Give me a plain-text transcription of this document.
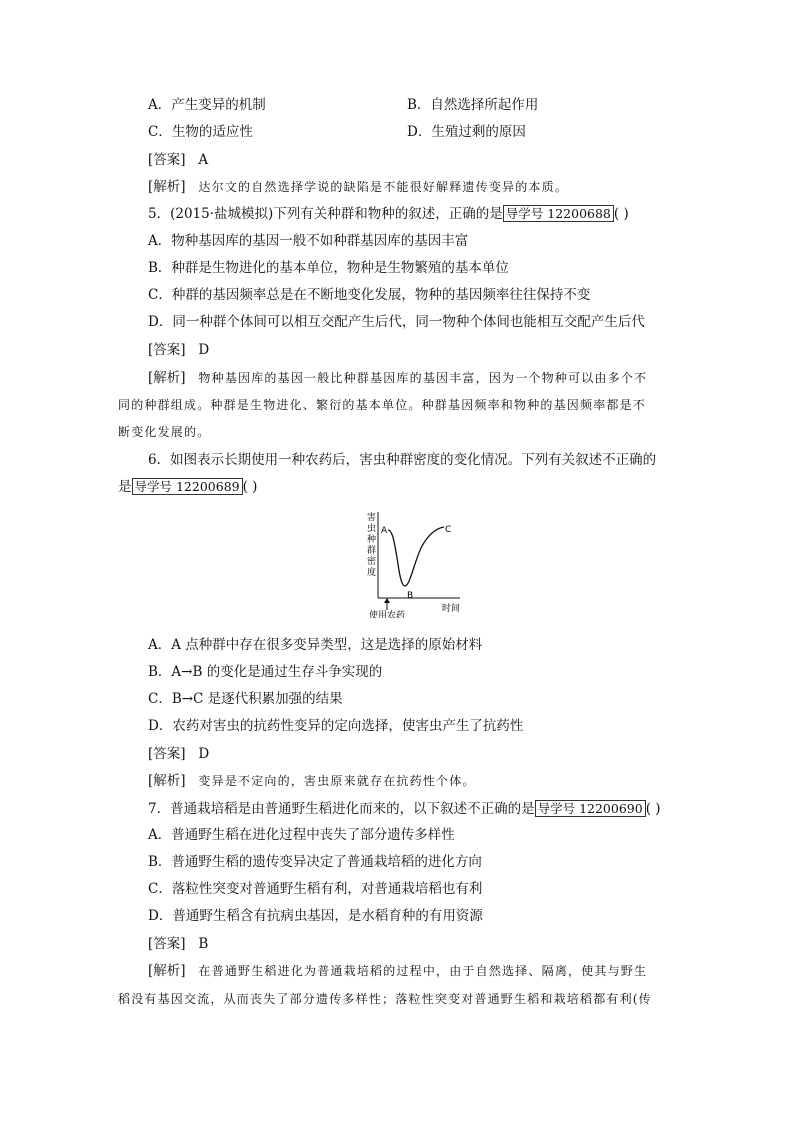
A．产生变异的机制	B．自然选择所起作用
C．生物的适应性	D．生殖过剩的原因
[答案] A
[解析] 达尔文的自然选择学说的缺陷是不能很好解释遗传变异的本质。
5．(2015·盐城模拟)下列有关种群和物种的叙述，正确的是 导学号 12200688 ( )
A．物种基因库的基因一般不如种群基因库的基因丰富
B．种群是生物进化的基本单位，物种是生物繁殖的基本单位
C．种群的基因频率总是在不断地变化发展，物种的基因频率往往保持不变
D．同一种群个体间可以相互交配产生后代，同一物种个体间也能相互交配产生后代
[答案] D
[解析] 物种基因库的基因一般比种群基因库的基因丰富，因为一个物种可以由多个不
同的种群组成。种群是生物进化、繁衍的基本单位。种群基因频率和物种的基因频率都是不
断变化发展的。
6．如图表示长期使用一种农药后，害虫种群密度的变化情况。下列有关叙述不正确的
是 导学号 12200689 ( )
害
虫
种
群
密
度
A
B
C
使用农药
时间
A．A 点种群中存在很多变异类型，这是选择的原始材料
B．A→B 的变化是通过生存斗争实现的
C．B→C 是逐代积累加强的结果
D．农药对害虫的抗药性变异的定向选择，使害虫产生了抗药性
[答案] D
[解析] 变异是不定向的，害虫原来就存在抗药性个体。
7．普通栽培稻是由普通野生稻进化而来的，以下叙述不正确的是 导学号 12200690 ( )
A．普通野生稻在进化过程中丧失了部分遗传多样性
B．普通野生稻的遗传变异决定了普通栽培稻的进化方向
C．落粒性突变对普通野生稻有利，对普通栽培稻也有利
D．普通野生稻含有抗病虫基因，是水稻育种的有用资源
[答案] B
[解析] 在普通野生稻进化为普通栽培稻的过程中，由于自然选择、隔离，使其与野生
稻没有基因交流，从而丧失了部分遗传多样性；落粒性突变对普通野生稻和栽培稻都有利(传
